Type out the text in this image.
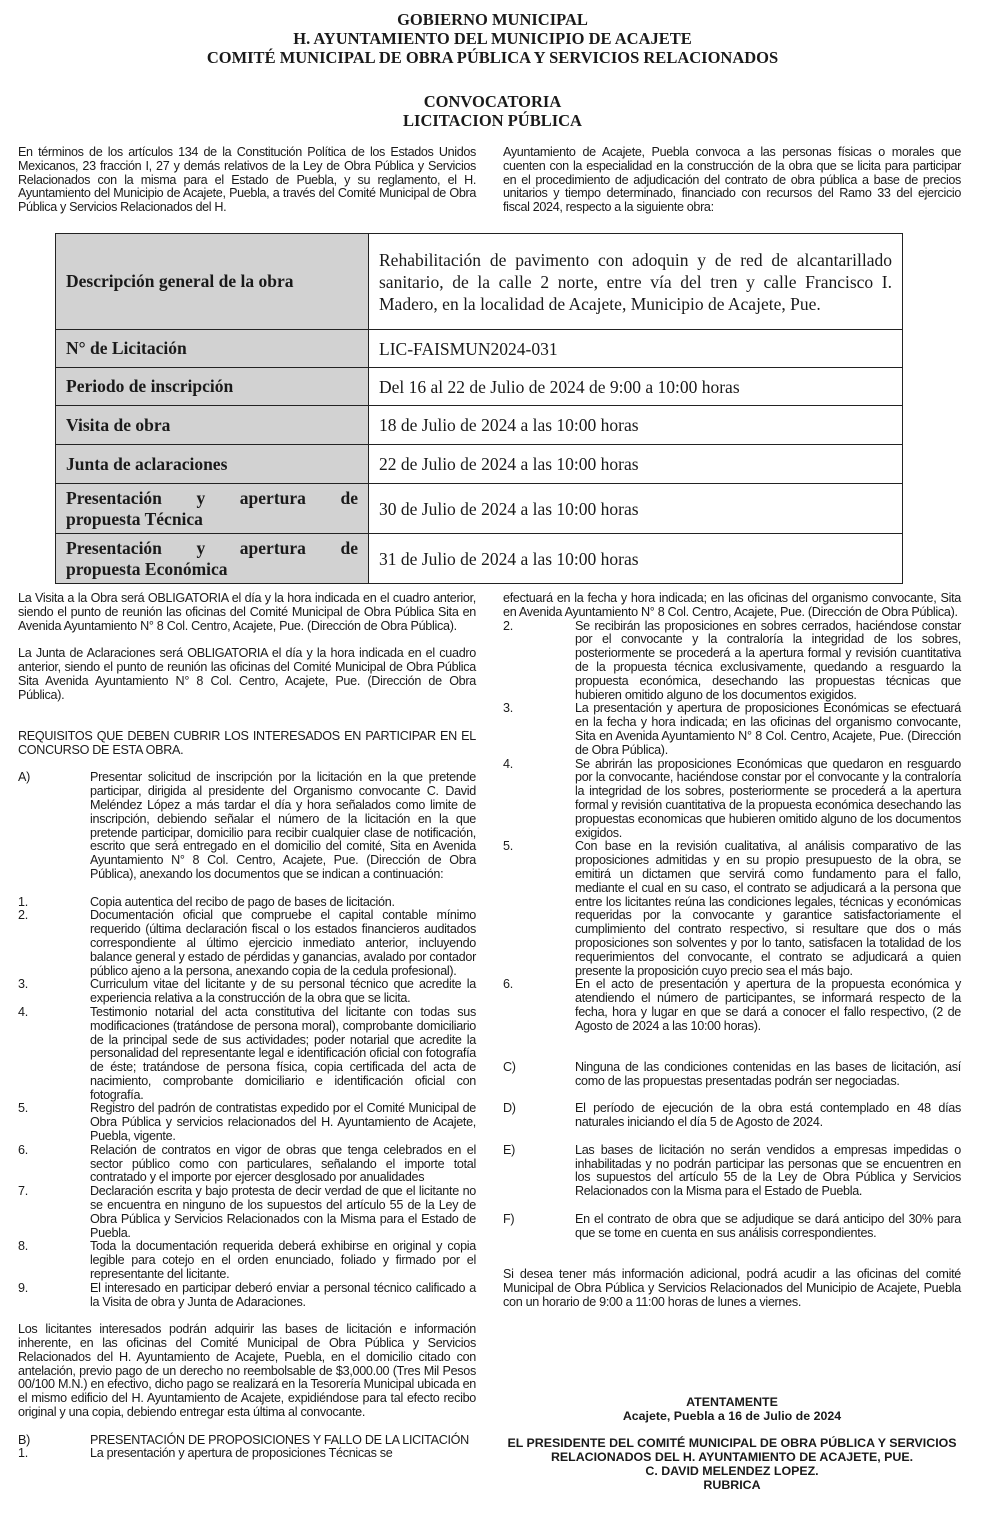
GOBIERNO MUNICIPAL
H. AYUNTAMIENTO DEL MUNICIPIO DE ACAJETE
COMITÉ MUNICIPAL DE OBRA PÚBLICA Y SERVICIOS RELACIONADOS
CONVOCATORIA
LICITACION PÚBLICA
En términos de los artículos 134 de la Constitución Política de los Estados Unidos Mexicanos, 23 fracción I, 27 y demás relativos de la Ley de Obra Pública y Servicios Relacionados con la misma para el Estado de Puebla, y su reglamento, el H. Ayuntamiento del Municipio de Acajete, Puebla, a través del Comité Municipal de Obra Pública y Servicios Relacionados del H.
Ayuntamiento de Acajete, Puebla convoca a las personas físicas o morales que cuenten con la especialidad en la construcción de la obra que se licita para participar en el procedimiento de adjudicación del contrato de obra pública a base de precios unitarios y tiempo determinado, financiado con recursos del Ramo 33 del ejercicio fiscal 2024, respecto a la siguiente obra:
Descripción general de la obra	Rehabilitación de pavimento con adoquin y de red de alcantarillado sanitario, de la calle 2 norte, entre vía del tren y calle Francisco I. Madero, en la localidad de Acajete, Municipio de Acajete, Pue.
N° de Licitación	LIC-FAISMUN2024-031
Periodo de inscripción	Del 16 al 22 de Julio de 2024 de 9:00 a 10:00 horas
Visita de obra	18 de Julio de 2024 a las 10:00 horas
Junta de aclaraciones	22 de Julio de 2024 a las 10:00 horas

Presentación y apertura de
propuesta Técnica	30 de Julio de 2024 a las 10:00 horas

Presentación y apertura de
propuesta Económica	31 de Julio de 2024 a las 10:00 horas

La Visita a la Obra será OBLIGATORIA el día y la hora indicada en el cuadro anterior, siendo el punto de reunión las oficinas del Comité Municipal de Obra Pública Sita en Avenida Ayuntamiento N° 8 Col. Centro, Acajete, Pue. (Dirección de Obra Pública).

La Junta de Aclaraciones será OBLIGATORIA el día y la hora indicada en el cuadro anterior, siendo el punto de reunión las oficinas del Comité Municipal de Obra Pública Sita Avenida Ayuntamiento N° 8 Col. Centro, Acajete, Pue. (Dirección de Obra Pública).

REQUISITOS QUE DEBEN CUBRIR LOS INTERESADOS EN PARTICIPAR EN EL CONCURSO DE ESTA OBRA.

A)	Presentar solicitud de inscripción por la licitación en la que pretende participar, dirigida al presidente del Organismo convocante C. David Meléndez López a más tardar el día y hora señalados como limite de inscripción, debiendo señalar el número de la licitación en la que pretende participar, domicilio para recibir cualquier clase de notificación, escrito que será entregado en el domicilio del comité, Sita en Avenida Ayuntamiento N° 8 Col. Centro, Acajete, Pue. (Dirección de Obra Pública), anexando los documentos que se indican a continuación:
1.	Copia autentica del recibo de pago de bases de licitación.
2.	Documentación oficial que compruebe el capital contable mínimo requerido (última declaración fiscal o los estados financieros auditados correspondiente al último ejercicio inmediato anterior, incluyendo balance general y estado de pérdidas y ganancias, avalado por contador público ajeno a la persona, anexando copia de la cedula profesional).
3.	Curriculum vitae del licitante y de su personal técnico que acredite la experiencia relativa a la construcción de la obra que se licita.
4.	Testimonio notarial del acta constitutiva del licitante con todas sus modificaciones (tratándose de persona moral), comprobante domiciliario de la principal sede de sus actividades; poder notarial que acredite la personalidad del representante legal e identificación oficial con fotografía de éste; tratándose de persona física, copia certificada del acta de nacimiento, comprobante domiciliario e identificación oficial con fotografía.
5.	Registro del padrón de contratistas expedido por el Comité Municipal de Obra Pública y servicios relacionados del H. Ayuntamiento de Acajete, Puebla, vigente.
6.	Relación de contratos en vigor de obras que tenga celebrados en el sector público como con particulares, señalando el importe total contratado y el importe por ejercer desglosado por anualidades
7.	Declaración escrita y bajo protesta de decir verdad de que el licitante no se encuentra en ninguno de los supuestos del artículo 55 de la Ley de Obra Pública y Servicios Relacionados con la Misma para el Estado de Puebla.
8.	Toda la documentación requerida deberá exhibirse en original y copia legible para cotejo en el orden enunciado, foliado y firmado por el representante del licitante.
9.	El interesado en participar deberó enviar a personal técnico calificado a la Visita de obra y Junta de Adaraciones.

Los licitantes interesados podrán adquirir las bases de licitación e información inherente, en las oficinas del Comité Municipal de Obra Pública y Servicios Relacionados del H. Ayuntamiento de Acajete, Puebla, en el domicilio citado con antelación, previo pago de un derecho no reembolsable de $3,000.00 (Tres Mil Pesos 00/100 M.N.) en efectivo, dicho pago se realizará en la Tesorería Municipal ubicada en el mismo edificio del H. Ayuntamiento de Acajete, expidiéndose para tal efecto recibo original y una copia, debiendo entregar esta última al convocante.

B)	PRESENTACIÓN DE PROPOSICIONES Y FALLO DE LA LICITACIÓN
1.	La presentación y apertura de proposiciones Técnicas se

efectuará en la fecha y hora indicada; en las oficinas del organismo convocante, Sita en Avenida Ayuntamiento N° 8 Col. Centro, Acajete, Pue. (Dirección de Obra Pública).

2.	Se recibirán las proposiciones en sobres cerrados, haciéndose constar por el convocante y la contraloría la integridad de los sobres, posteriormente se procederá a la apertura formal y revisión cuantitativa de la propuesta técnica exclusivamente, quedando a resguardo la propuesta económica, desechando las propuestas técnicas que hubieren omitido alguno de los documentos exigidos.
3.	La presentación y apertura de proposiciones Económicas se efectuará en la fecha y hora indicada; en las oficinas del organismo convocante, Sita en Avenida Ayuntamiento N° 8 Col. Centro, Acajete, Pue. (Dirección de Obra Pública).
4.	Se abrirán las proposiciones Económicas que quedaron en resguardo por la convocante, haciéndose constar por el convocante y la contraloría la integridad de los sobres, posteriormente se procederá a la apertura formal y revisión cuantitativa de la propuesta económica desechando las propuestas economicas que hubieren omitido alguno de los documentos exigidos.
5.	Con base en la revisión cualitativa, al análisis comparativo de las proposiciones admitidas y en su propio presupuesto de la obra, se emitirá un dictamen que servirá como fundamento para el fallo, mediante el cual en su caso, el contrato se adjudicará a la persona que entre los licitantes reúna las condiciones legales, técnicas y económicas requeridas por la convocante y garantice satisfactoriamente el cumplimiento del contrato respectivo, si resultare que dos o más proposiciones son solventes y por lo tanto, satisfacen la totalidad de los requerimientos del convocante, el contrato se adjudicará a quien presente la proposición cuyo precio sea el más bajo.
6.	En el acto de presentación y apertura de la propuesta económica y atendiendo el número de participantes, se informará respecto de la fecha, hora y lugar en que se dará a conocer el fallo respectivo, (2 de Agosto de 2024 a las 10:00 horas).
C)	Ninguna de las condiciones contenidas en las bases de licitación, así como de las propuestas presentadas podrán ser negociadas.
D)	El período de ejecución de la obra está contemplado en 48 días naturales iniciando el día 5 de Agosto de 2024.
E)	Las bases de licitación no serán vendidos a empresas impedidas o inhabilitadas y no podrán participar las personas que se encuentren en los supuestos del artículo 55 de la Ley de Obra Pública y Servicios Relacionados con la Misma para el Estado de Puebla.
F)	En el contrato de obra que se adjudique se dará anticipo del 30% para que se tome en cuenta en sus análisis correspondientes.

Si desea tener más información adicional, podrá acudir a las oficinas del comité Municipal de Obra Pública y Servicios Relacionados del Municipio de Acajete, Puebla con un horario de 9:00 a 11:00 horas de lunes a viernes.

ATENTAMENTE
Acajete, Puebla a 16 de Julio de 2024
EL PRESIDENTE DEL COMITÉ MUNICIPAL DE OBRA PÚBLICA Y SERVICIOS
RELACIONADOS DEL H. AYUNTAMIENTO DE ACAJETE, PUE.
C. DAVID MELENDEZ LOPEZ.
RUBRICA
